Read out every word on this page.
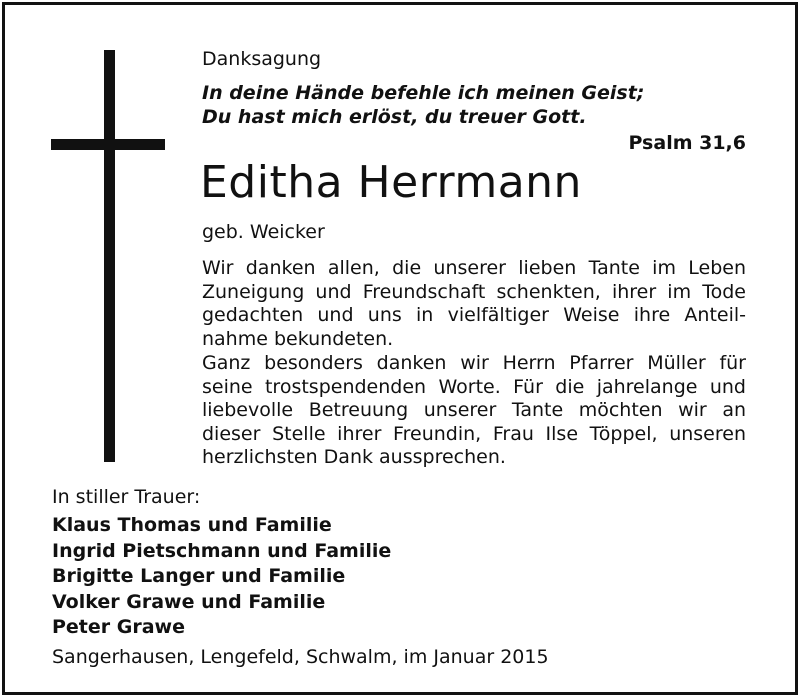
Danksagung
In deine Hände befehle ich meinen Geist;
Du hast mich erlöst, du treuer Gott.
Psalm 31,6
Editha Herrmann
geb. Weicker
Wir danken allen, die unserer lieben Tante im Leben
Zuneigung und Freundschaft schenkten, ihrer im Tode
gedachten und uns in vielfältiger Weise ihre Anteil-
nahme bekundeten.
Ganz besonders danken wir Herrn Pfarrer Müller für
seine trostspendenden Worte. Für die jahrelange und
liebevolle Betreuung unserer Tante möchten wir an
dieser Stelle ihrer Freundin, Frau Ilse Töppel, unseren
herzlichsten Dank aussprechen.
In stiller Trauer:
Klaus Thomas und Familie
Ingrid Pietschmann und Familie
Brigitte Langer und Familie
Volker Grawe und Familie
Peter Grawe
Sangerhausen, Lengefeld, Schwalm, im Januar 2015
